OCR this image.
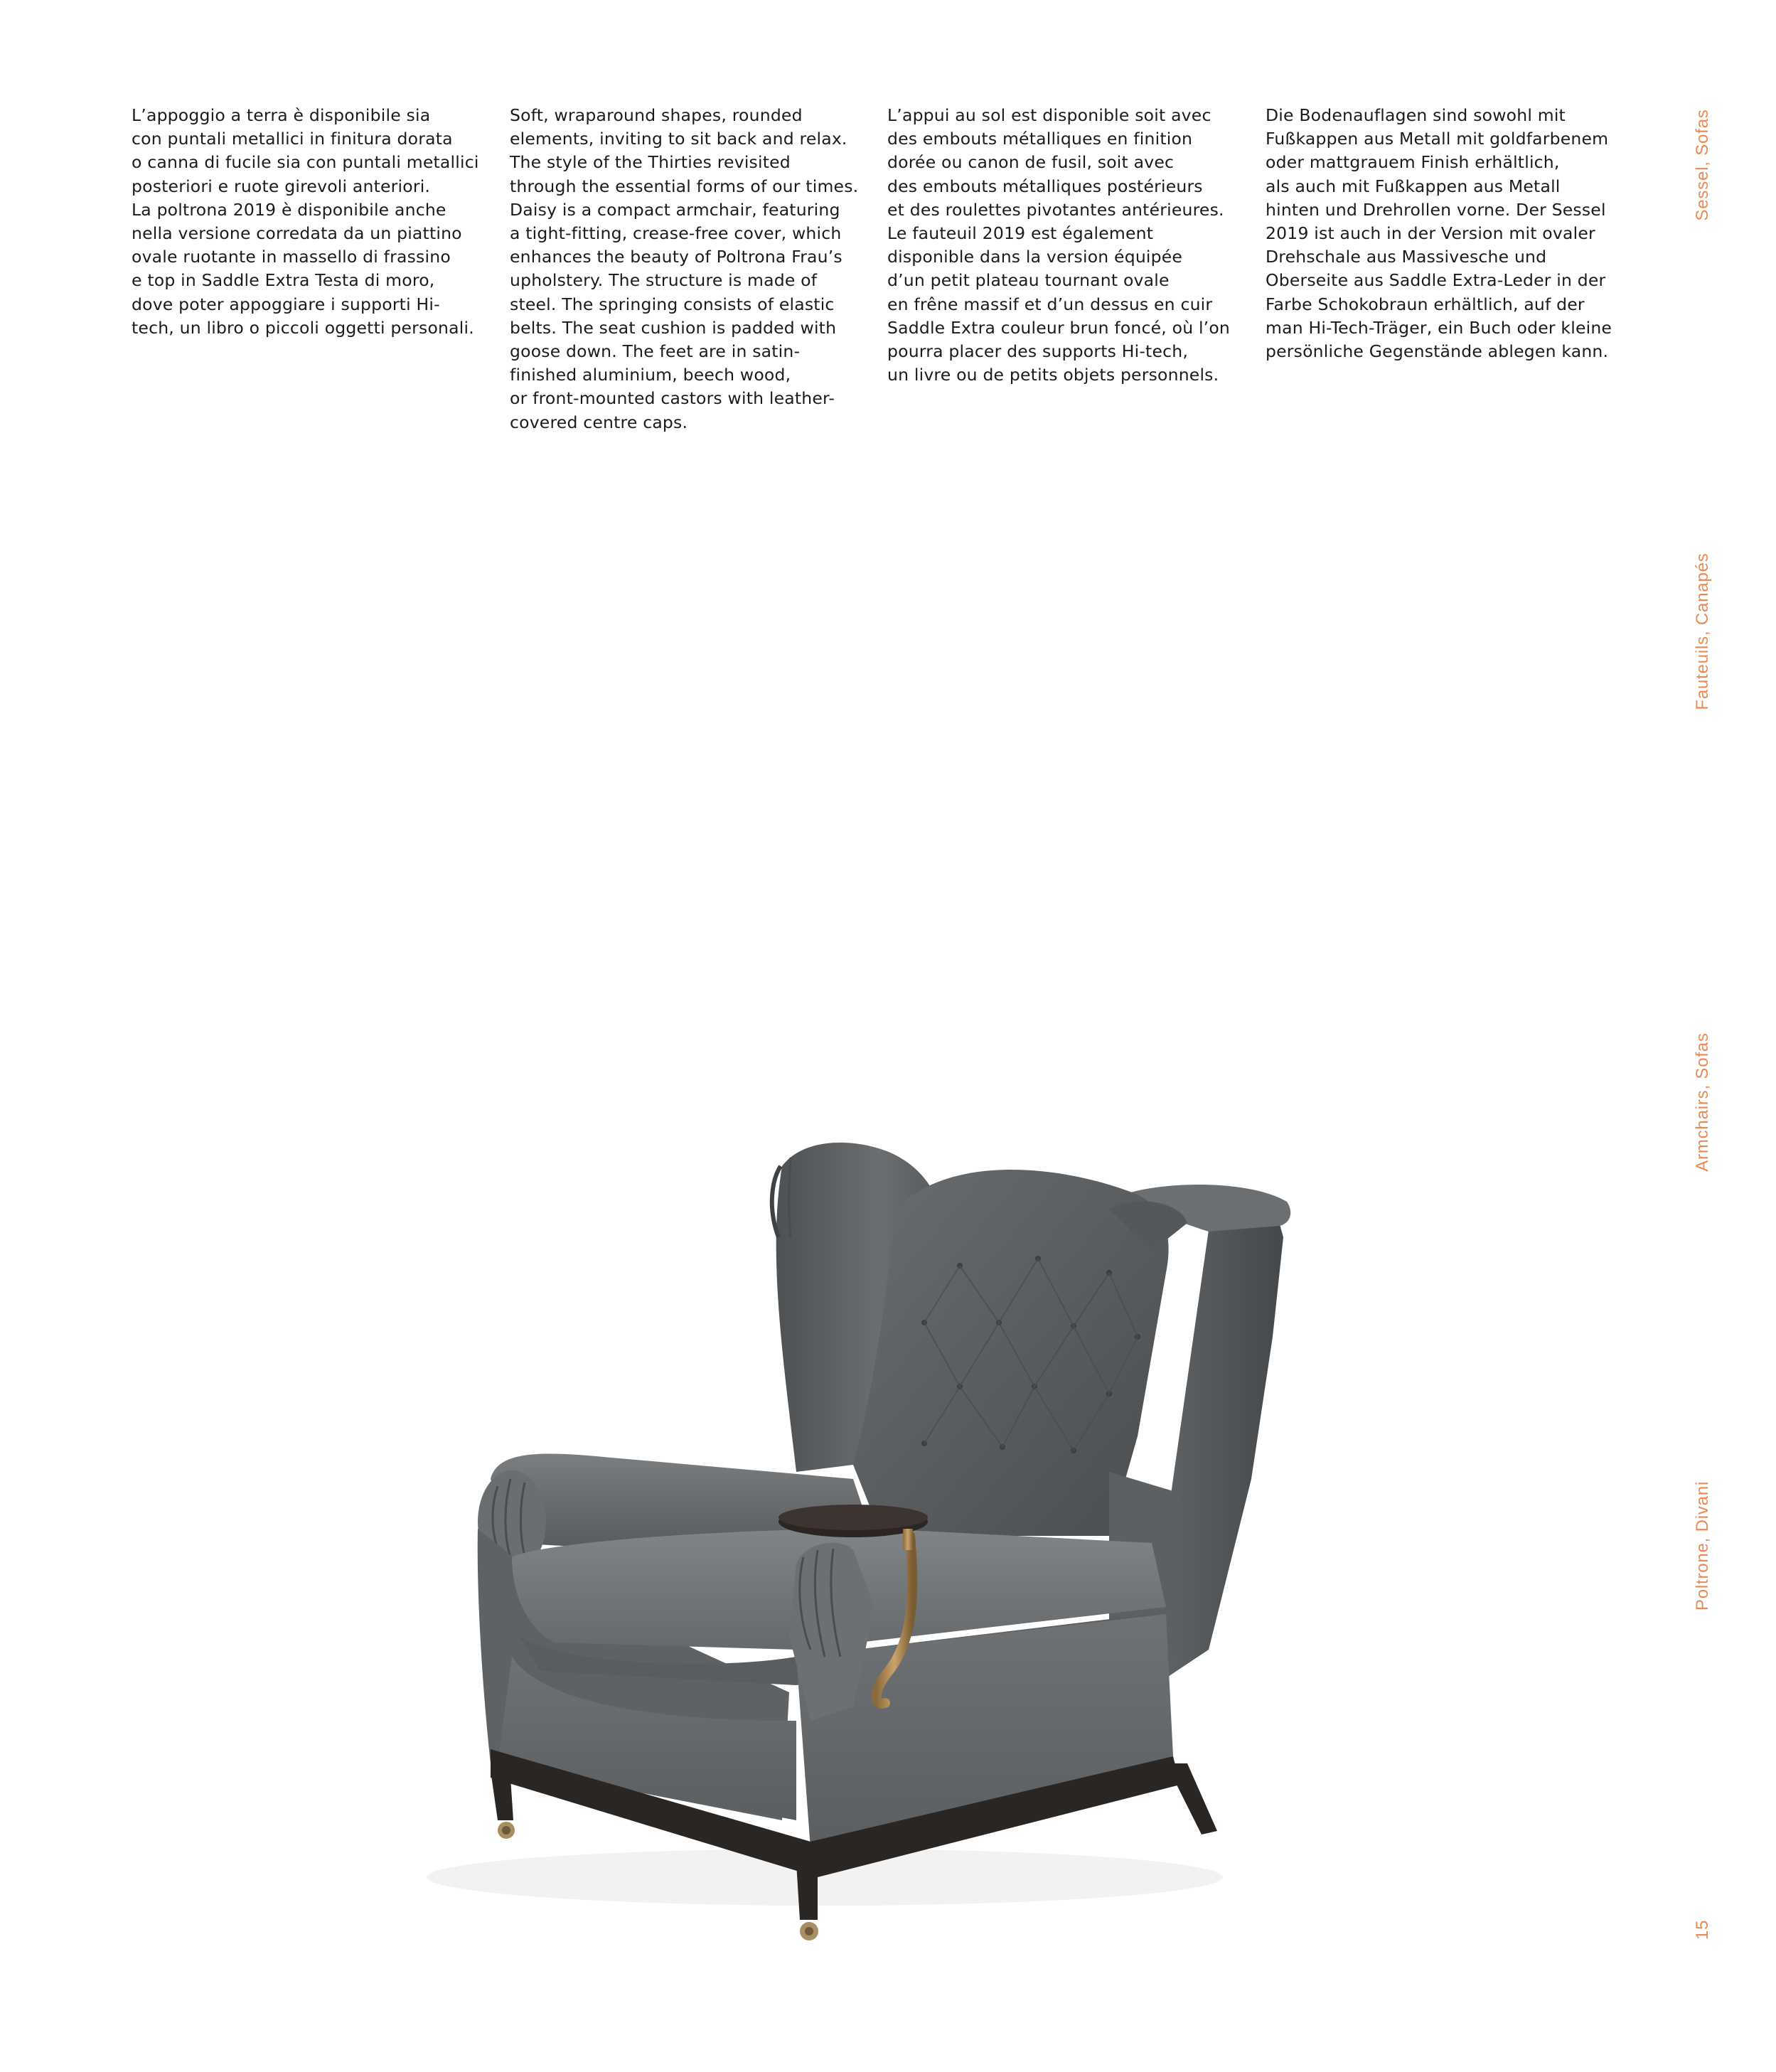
L’appoggio a terra è disponibile sia
con puntali metallici in finitura dorata
o canna di fucile sia con puntali metallici
posteriori e ruote girevoli anteriori.
La poltrona 2019 è disponibile anche
nella versione corredata da un piattino
ovale ruotante in massello di frassino
e top in Saddle Extra Testa di moro,
dove poter appoggiare i supporti Hi-
tech, un libro o piccoli oggetti personali.
Soft, wraparound shapes, rounded
elements, inviting to sit back and relax.
The style of the Thirties revisited
through the essential forms of our times.
Daisy is a compact armchair, featuring
a tight-fitting, crease-free cover, which
enhances the beauty of Poltrona Frau’s
upholstery. The structure is made of
steel. The springing consists of elastic
belts. The seat cushion is padded with
goose down. The feet are in satin-
finished aluminium, beech wood,
or front-mounted castors with leather-
covered centre caps.
L’appui au sol est disponible soit avec
des embouts métalliques en finition
dorée ou canon de fusil, soit avec
des embouts métalliques postérieurs
et des roulettes pivotantes antérieures.
Le fauteuil 2019 est également
disponible dans la version équipée
d’un petit plateau tournant ovale
en frêne massif et d’un dessus en cuir
Saddle Extra couleur brun foncé, où l’on
pourra placer des supports Hi-tech,
un livre ou de petits objets personnels.
Die Bodenauflagen sind sowohl mit
Fußkappen aus Metall mit goldfarbenem
oder mattgrauem Finish erhältlich,
als auch mit Fußkappen aus Metall
hinten und Drehrollen vorne. Der Sessel
2019 ist auch in der Version mit ovaler
Drehschale aus Massivesche und
Oberseite aus Saddle Extra-Leder in der
Farbe Schokobraun erhältlich, auf der
man Hi-Tech-Träger, ein Buch oder kleine
persönliche Gegenstände ablegen kann.
Sessel, Sofas
Fauteuils, Canapés
Armchairs, Sofas
Poltrone, Divani
15
